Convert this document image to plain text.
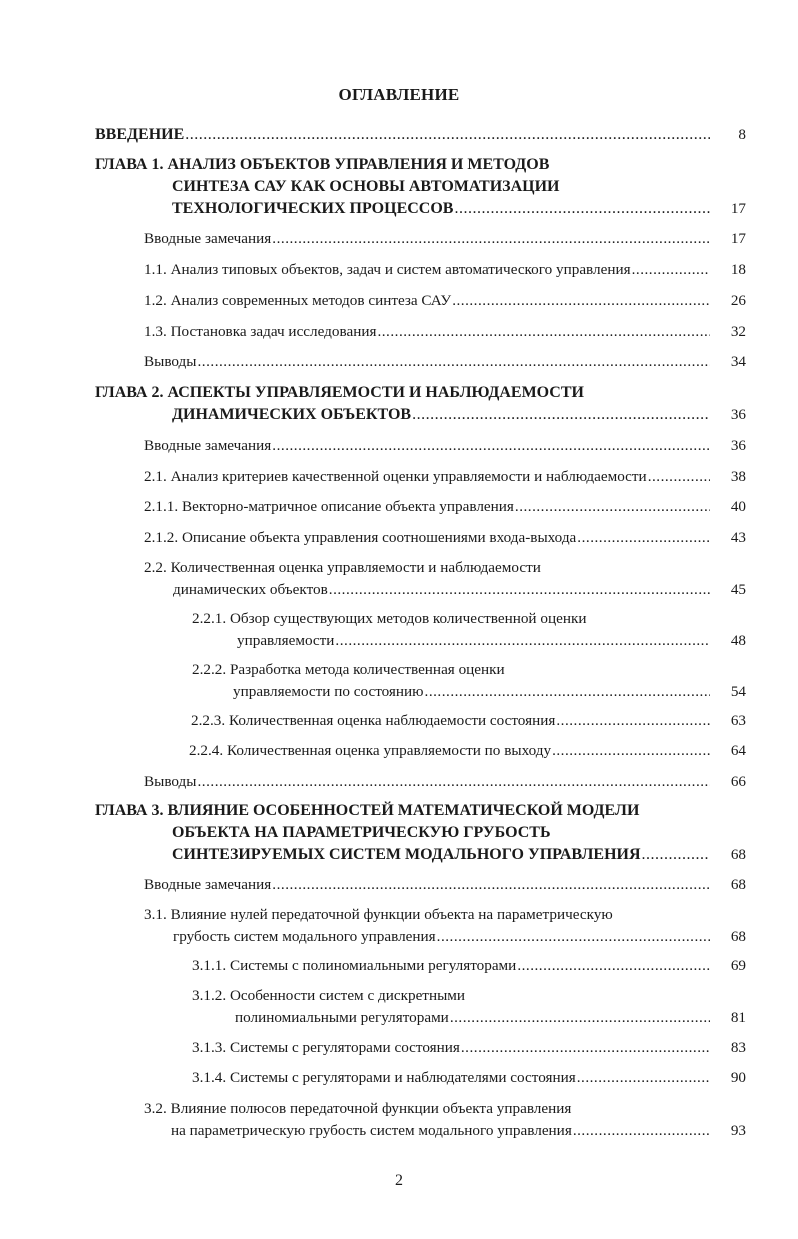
ОГЛАВЛЕНИЕ
ВВЕДЕНИЕ .....	8
ГЛАВА 1. АНАЛИЗ ОБЪЕКТОВ УПРАВЛЕНИЯ И МЕТОДОВ
СИНТЕЗА САУ КАК ОСНОВЫ АВТОМАТИЗАЦИИ
ТЕХНОЛОГИЧЕСКИХ ПРОЦЕССОВ .....	17
Вводные замечания .....	17
1.1. Анализ типовых объектов, задач и систем автоматического управления .....	18
1.2. Анализ современных методов синтеза САУ .....	26
1.3. Постановка задач исследования .....	32
Выводы .....	34
ГЛАВА 2. АСПЕКТЫ УПРАВЛЯЕМОСТИ И НАБЛЮДАЕМОСТИ
ДИНАМИЧЕСКИХ ОБЪЕКТОВ .....	36
Вводные замечания .....	36
2.1. Анализ критериев качественной оценки управляемости и наблюдаемости .....	38
2.1.1. Векторно-матричное описание объекта управления .....	40
2.1.2. Описание объекта управления соотношениями входа-выхода .....	43
2.2. Количественная оценка управляемости и наблюдаемости
динамических объектов .....	45
2.2.1. Обзор существующих методов количественной оценки
управляемости .....	48
2.2.2. Разработка метода количественная оценки
управляемости по состоянию .....	54
2.2.3. Количественная оценка наблюдаемости состояния .....	63
2.2.4. Количественная оценка управляемости по выходу .....	64
Выводы .....	66
ГЛАВА 3. ВЛИЯНИЕ ОСОБЕННОСТЕЙ МАТЕМАТИЧЕСКОЙ МОДЕЛИ
ОБЪЕКТА НА ПАРАМЕТРИЧЕСКУЮ ГРУБОСТЬ
СИНТЕЗИРУЕМЫХ СИСТЕМ МОДАЛЬНОГО УПРАВЛЕНИЯ .....	68
Вводные замечания .....	68
3.1. Влияние нулей передаточной функции объекта на параметрическую
грубость систем модального управления .....	68
3.1.1. Системы с полиномиальными регуляторами .....	69
3.1.2. Особенности систем с дискретными
полиномиальными регуляторами .....	81
3.1.3. Системы с регуляторами состояния .....	83
3.1.4. Системы с регуляторами и наблюдателями состояния .....	90
3.2. Влияние полюсов передаточной функции объекта управления
на параметрическую грубость систем модального управления .....	93
2
